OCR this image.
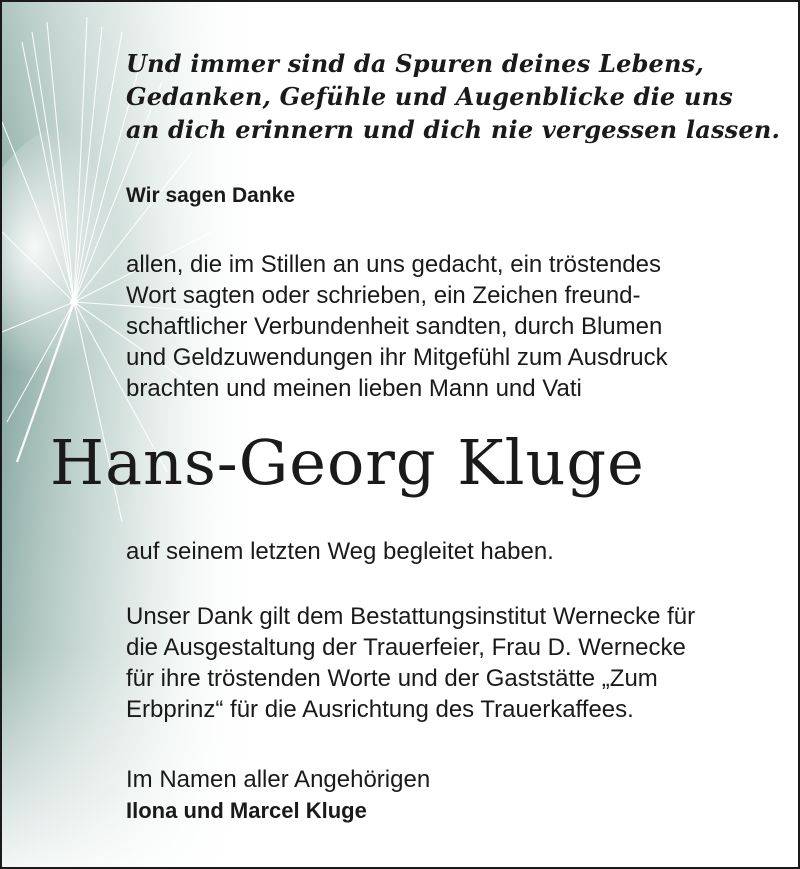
Und immer sind da Spuren deines Lebens,
Gedanken, Gefühle und Augenblicke die uns
an dich erinnern und dich nie vergessen lassen.
Wir sagen Danke
allen, die im Stillen an uns gedacht, ein tröstendes
Wort sagten oder schrieben, ein Zeichen freund-
schaftlicher Verbundenheit sandten, durch Blumen
und Geldzuwendungen ihr Mitgefühl zum Ausdruck
brachten und meinen lieben Mann und Vati
Hans-Georg Kluge
auf seinem letzten Weg begleitet haben.
Unser Dank gilt dem Bestattungsinstitut Wernecke für
die Ausgestaltung der Trauerfeier, Frau D. Wernecke
für ihre tröstenden Worte und der Gaststätte „Zum
Erbprinz“ für die Ausrichtung des Trauerkaffees.
Im Namen aller Angehörigen
Ilona und Marcel Kluge
